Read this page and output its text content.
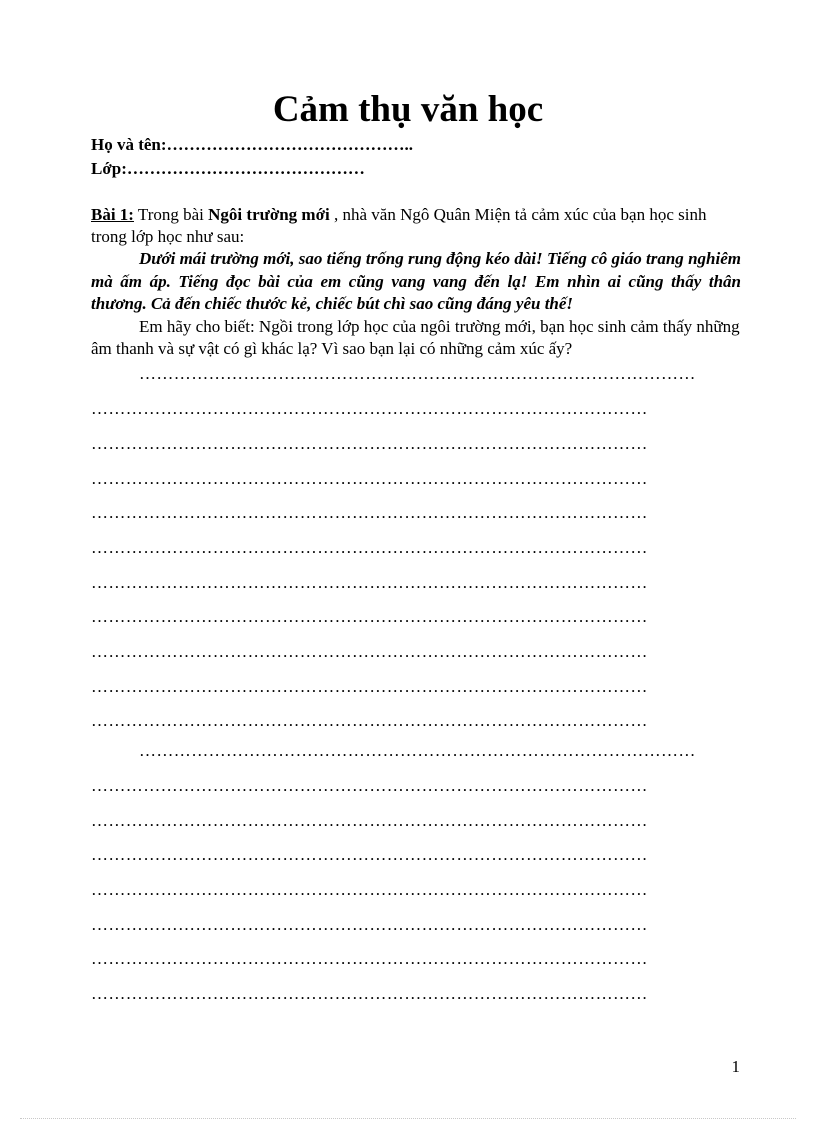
Cảm thụ văn học
Họ và tên:……………………………………..
Lớp:……………………………………
Bài 1: Trong bài Ngôi trường mới , nhà văn Ngô Quân Miện tả cảm xúc của bạn học sinh trong lớp học như sau:
Dưới mái trường mới, sao tiếng trống rung động kéo dài! Tiếng cô giáo trang nghiêm mà ấm áp. Tiếng đọc bài của em cũng vang vang đến lạ! Em nhìn ai cũng thấy thân thương. Cả đến chiếc thước kẻ, chiếc bút chì sao cũng đáng yêu thế!
Em hãy cho biết: Ngồi trong lớp học của ngôi trường mới, bạn học sinh cảm thấy những âm thanh và sự vật có gì khác lạ? Vì sao bạn lại có những cảm xúc ấy?
……………………………………………………………………………………
……………………………………………………………………………………
……………………………………………………………………………………
……………………………………………………………………………………
……………………………………………………………………………………
……………………………………………………………………………………
……………………………………………………………………………………
……………………………………………………………………………………
……………………………………………………………………………………
……………………………………………………………………………………
……………………………………………………………………………………
……………………………………………………………………………………
……………………………………………………………………………………
……………………………………………………………………………………
……………………………………………………………………………………
……………………………………………………………………………………
……………………………………………………………………………………
……………………………………………………………………………………
……………………………………………………………………………………
1
